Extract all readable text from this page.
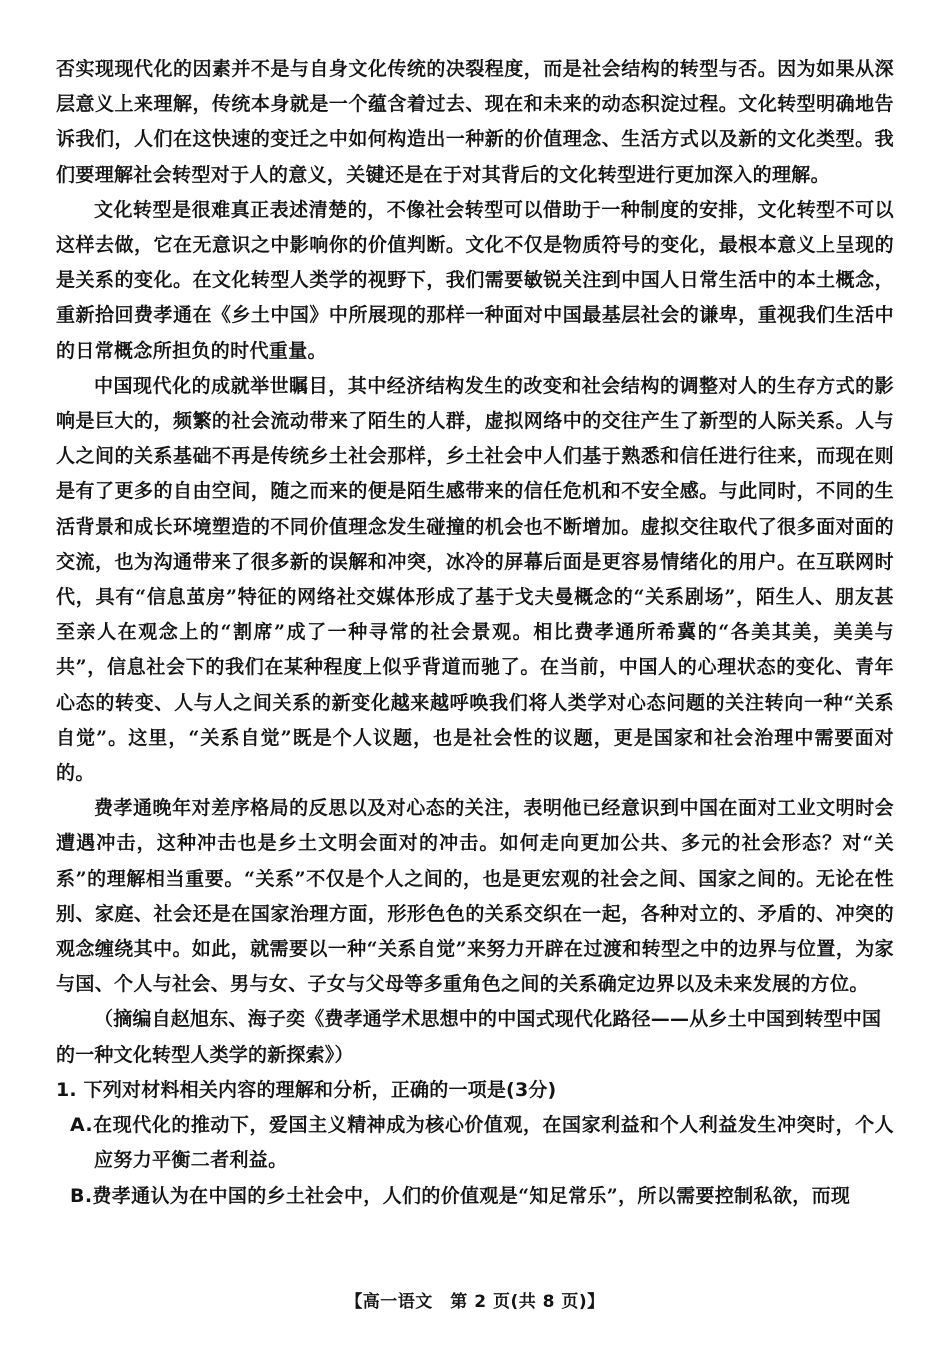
否实现现代化的因素并不是与自身文化传统的决裂程度，而是社会结构的转型与否。因为如果从深层意义上来理解，传统本身就是一个蕴含着过去、现在和未来的动态积淀过程。文化转型明确地告诉我们，人们在这快速的变迁之中如何构造出一种新的价值理念、生活方式以及新的文化类型。我们要理解社会转型对于人的意义，关键还是在于对其背后的文化转型进行更加深入的理解。

文化转型是很难真正表述清楚的，不像社会转型可以借助于一种制度的安排，文化转型不可以这样去做，它在无意识之中影响你的价值判断。文化不仅是物质符号的变化，最根本意义上呈现的是关系的变化。在文化转型人类学的视野下，我们需要敏锐关注到中国人日常生活中的本土概念，重新拾回费孝通在《乡土中国》中所展现的那样一种面对中国最基层社会的谦卑，重视我们生活中的日常概念所担负的时代重量。

中国现代化的成就举世瞩目，其中经济结构发生的改变和社会结构的调整对人的生存方式的影响是巨大的，频繁的社会流动带来了陌生的人群，虚拟网络中的交往产生了新型的人际关系。人与人之间的关系基础不再是传统乡土社会那样，乡土社会中人们基于熟悉和信任进行往来，而现在则是有了更多的自由空间，随之而来的便是陌生感带来的信任危机和不安全感。与此同时，不同的生活背景和成长环境塑造的不同价值理念发生碰撞的机会也不断增加。虚拟交往取代了很多面对面的交流，也为沟通带来了很多新的误解和冲突，冰冷的屏幕后面是更容易情绪化的用户。在互联网时代，具有“信息茧房”特征的网络社交媒体形成了基于戈夫曼概念的“关系剧场”，陌生人、朋友甚至亲人在观念上的“割席”成了一种寻常的社会景观。相比费孝通所希冀的“各美其美，美美与共”，信息社会下的我们在某种程度上似乎背道而驰了。在当前，中国人的心理状态的变化、青年心态的转变、人与人之间关系的新变化越来越呼唤我们将人类学对心态问题的关注转向一种“关系自觉”。这里，“关系自觉”既是个人议题，也是社会性的议题，更是国家和社会治理中需要面对的。

费孝通晚年对差序格局的反思以及对心态的关注，表明他已经意识到中国在面对工业文明时会遭遇冲击，这种冲击也是乡土文明会面对的冲击。如何走向更加公共、多元的社会形态？对“关系”的理解相当重要。“关系”不仅是个人之间的，也是更宏观的社会之间、国家之间的。无论在性别、家庭、社会还是在国家治理方面，形形色色的关系交织在一起，各种对立的、矛盾的、冲突的观念缠绕其中。如此，就需要以一种“关系自觉”来努力开辟在过渡和转型之中的边界与位置，为家与国、个人与社会、男与女、子女与父母等多重角色之间的关系确定边界以及未来发展的方位。

（摘编自赵旭东、海子奕《费孝通学术思想中的中国式现代化路径——从乡土中国到转型中国的一种文化转型人类学的新探索》）

1. 下列对材料相关内容的理解和分析，正确的一项是(3分)

A.在现代化的推动下，爱国主义精神成为核心价值观，在国家利益和个人利益发生冲突时，个人应努力平衡二者利益。

B.费孝通认为在中国的乡土社会中，人们的价值观是“知足常乐”，所以需要控制私欲，而现

【高一语文　第 2 页(共 8 页)】
